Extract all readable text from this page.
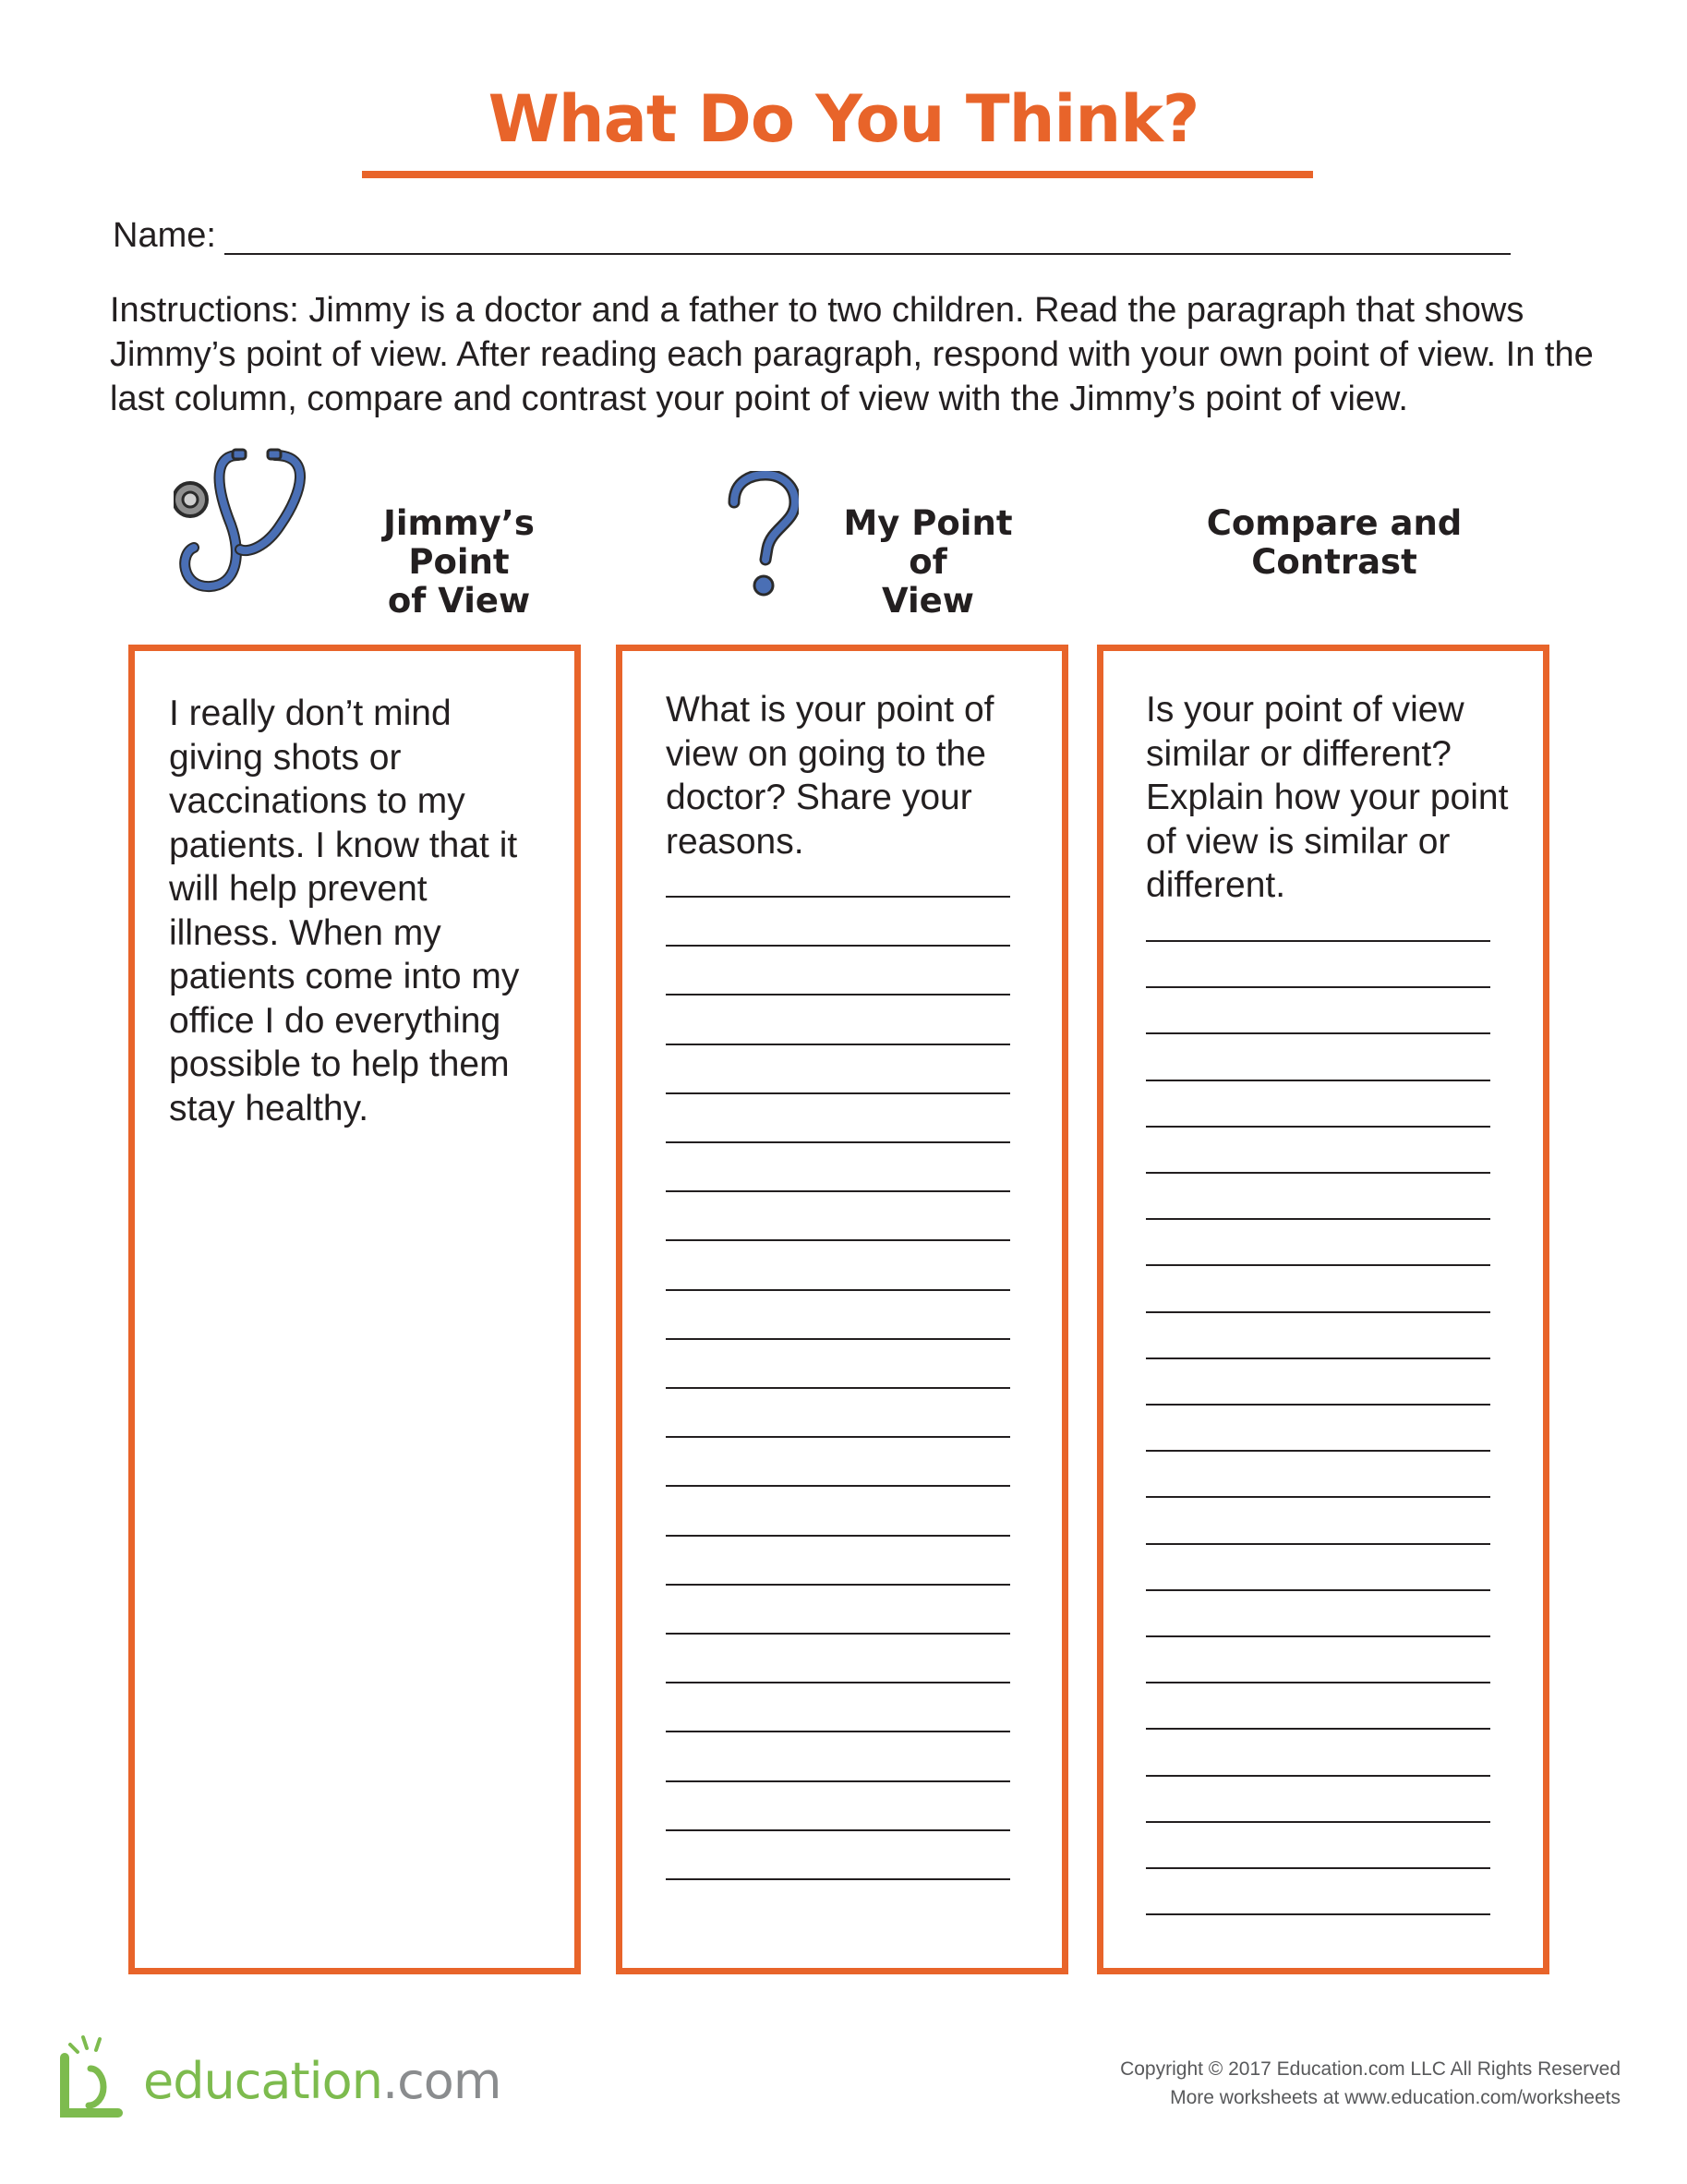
What Do You Think?
Name:
Instructions: Jimmy is a doctor and a father to two children. Read the paragraph that shows Jimmy’s point of view. After reading each paragraph, respond with your own point of view. In the last column, compare and contrast your point of view with the Jimmy’s point of view.
Jimmy’s Point
of View
My Point of
View
Compare and
Contrast
I really don’t mind giving shots or vaccinations to my patients. I know that it will help prevent illness. When my patients come into my office I do everything possible to help them stay healthy.
What is your point of view on going to the doctor? Share your reasons.
Is your point of view similar or different? Explain how your point of view is similar or different.
education.com	Copyright © 2017 Education.com LLC All Rights Reserved
More worksheets at www.education.com/worksheets
